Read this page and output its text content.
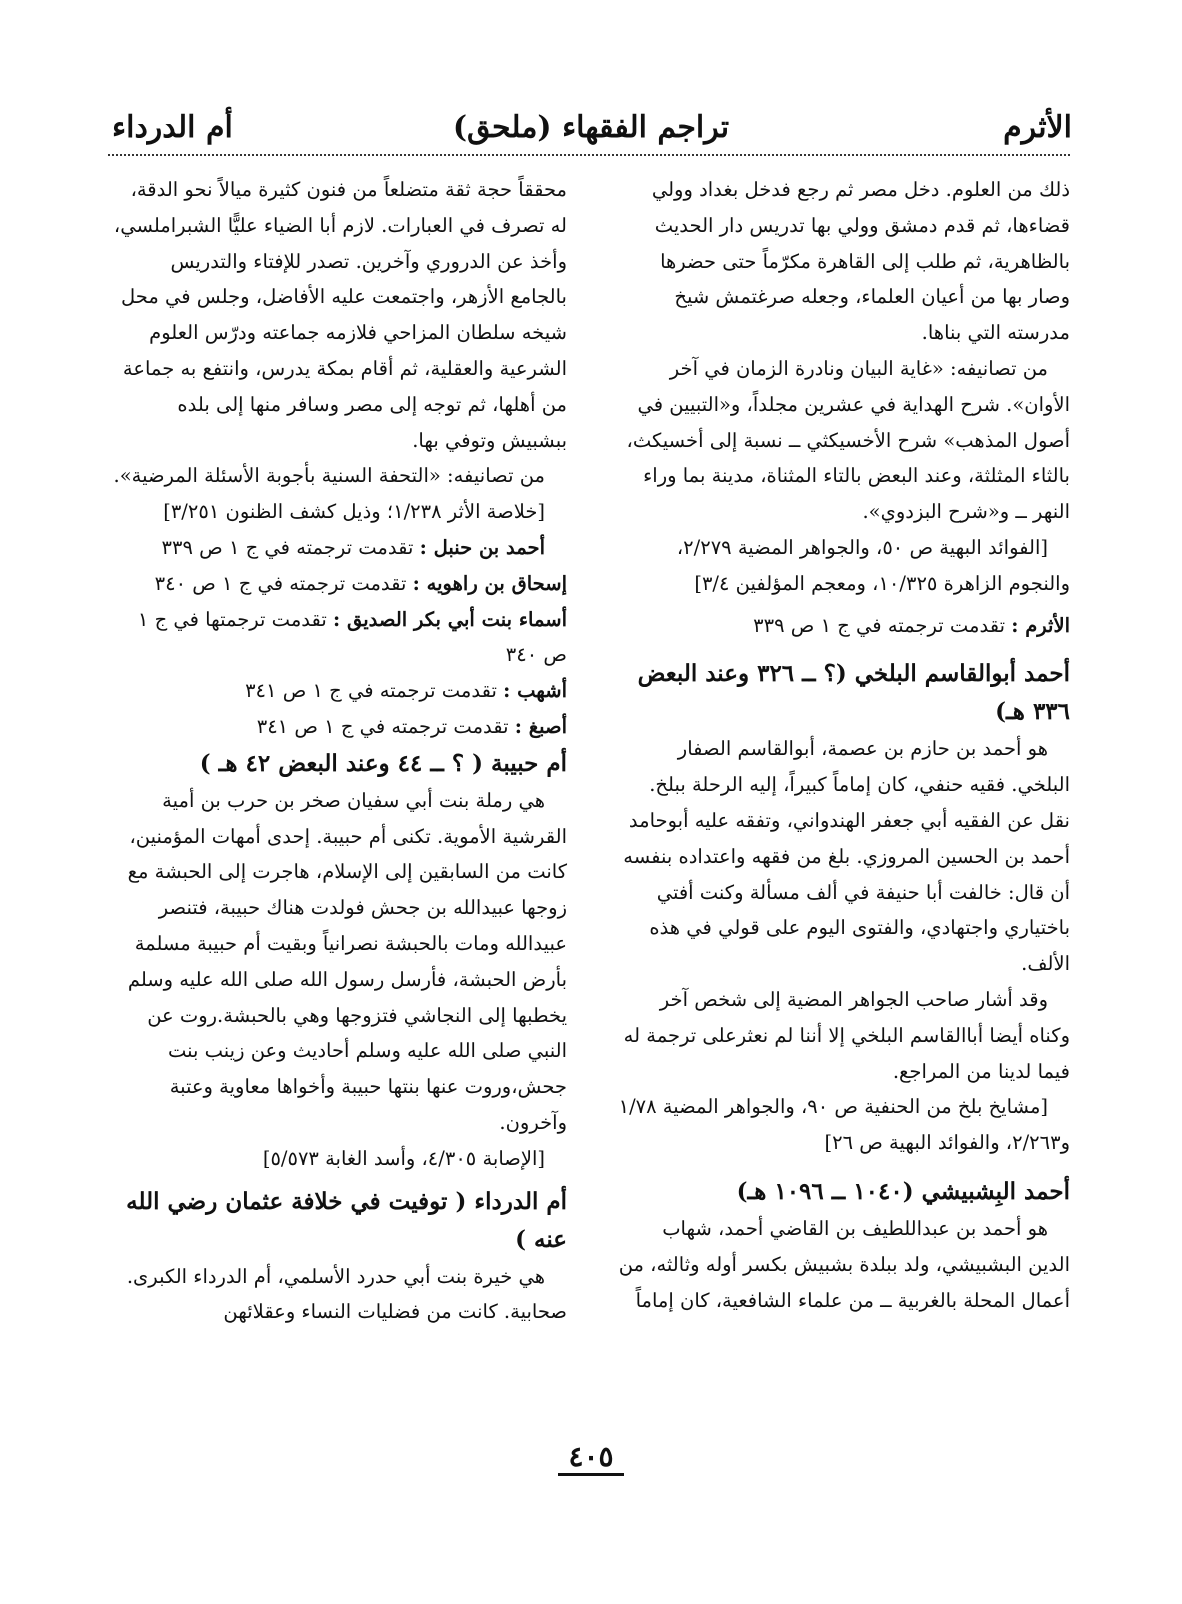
الأثرم
(ملحق) تراجم الفقهاء
أم الدرداء

ذلك من العلوم. دخل مصر ثم رجع فدخل بغداد وولي قضاءها، ثم قدم دمشق وولي بها تدريس دار الحديث بالظاهرية، ثم طلب إلى القاهرة مكرّماً حتى حضرها وصار بها من أعيان العلماء، وجعله صرغتمش شيخ مدرسته التي بناها.

من تصانيفه: «غاية البيان ونادرة الزمان في آخر الأوان». شرح الهداية في عشرين مجلداً، و«التبيين في أصول المذهب» شرح الأخسيكثي ــ نسبة إلى أخسيكث، بالثاء المثلثة، وعند البعض بالتاء المثناة، مدينة بما وراء النهر ــ و«شرح البزدوي».

[الفوائد البهية ص ٥٠، والجواهر المضية ٢/٢٧٩، والنجوم الزاهرة ١٠/٣٢٥، ومعجم المؤلفين ٣/٤]

الأثرم : تقدمت ترجمته في ج ١ ص ٣٣٩

أحمد أبوالقاسم البلخي (؟ ــ ٣٢٦ وعند البعض ٣٣٦ هـ)

هو أحمد بن حازم بن عصمة، أبوالقاسم الصفار البلخي. فقيه حنفي، كان إماماً كبيراً، إليه الرحلة ببلخ. نقل عن الفقيه أبي جعفر الهندواني، وتفقه عليه أبوحامد أحمد بن الحسين المروزي. بلغ من فقهه واعتداده بنفسه أن قال: خالفت أبا حنيفة في ألف مسألة وكنت أفتي باختياري واجتهادي، والفتوى اليوم على قولي في هذه الألف.

وقد أشار صاحب الجواهر المضية إلى شخص آخر وكناه أيضا أباالقاسم البلخي إلا أننا لم نعثرعلى ترجمة له فيما لدينا من المراجع.

[مشايخ بلخ من الحنفية ص ٩٠، والجواهر المضية ١/٧٨ و٢/٢٦٣، والفوائد البهية ص ٢٦]

أحمد البِشبيشي (١٠٤٠ ــ ١٠٩٦ هـ)

هو أحمد بن عبداللطيف بن القاضي أحمد، شهاب الدين البشبيشي، ولد ببلدة بشبيش بكسر أوله وثالثه، من أعمال المحلة بالغربية ــ من علماء الشافعية، كان إماماً

محققاً حجة ثقة متضلعاً من فنون كثيرة ميالاً نحو الدقة، له تصرف في العبارات. لازم أبا الضياء عليًّا الشبراملسي، وأخذ عن الدروري وآخرين. تصدر للإفتاء والتدريس بالجامع الأزهر، واجتمعت عليه الأفاضل، وجلس في محل شيخه سلطان المزاحي فلازمه جماعته ودرّس العلوم الشرعية والعقلية، ثم أقام بمكة يدرس، وانتفع به جماعة من أهلها، ثم توجه إلى مصر وسافر منها إلى بلده ببشبيش وتوفي بها.

من تصانيفه: «التحفة السنية بأجوبة الأسئلة المرضية».

[خلاصة الأثر ١/٢٣٨؛ وذيل كشف الظنون ٣/٢٥١]

أحمد بن حنبل : تقدمت ترجمته في ج ١ ص ٣٣٩

إسحاق بن راهويه : تقدمت ترجمته في ج ١ ص ٣٤٠

أسماء بنت أبي بكر الصديق : تقدمت ترجمتها في ج ١ ص ٣٤٠

أشهب : تقدمت ترجمته في ج ١ ص ٣٤١

أصبغ : تقدمت ترجمته في ج ١ ص ٣٤١

أم حبيبة ( ؟ ــ ٤٤ وعند البعض ٤٢ هـ )

هي رملة بنت أبي سفيان صخر بن حرب بن أمية القرشية الأموية. تكنى أم حبيبة. إحدى أمهات المؤمنين، كانت من السابقين إلى الإسلام، هاجرت إلى الحبشة مع زوجها عبيدالله بن جحش فولدت هناك حبيبة، فتنصر عبيدالله ومات بالحبشة نصرانياً وبقيت أم حبيبة مسلمة بأرض الحبشة، فأرسل رسول الله صلى الله عليه وسلم يخطبها إلى النجاشي فتزوجها وهي بالحبشة.روت عن النبي صلى الله عليه وسلم أحاديث وعن زينب بنت جحش،وروت عنها بنتها حبيبة وأخواها معاوية وعتبة وآخرون.

[الإصابة ٤/٣٠٥، وأسد الغابة ٥/٥٧٣]

أم الدرداء ( توفيت في خلافة عثمان رضي الله عنه )

هي خيرة بنت أبي حدرد الأسلمي، أم الدرداء الكبرى. صحابية. كانت من فضليات النساء وعقلائهن

٤٠٥
